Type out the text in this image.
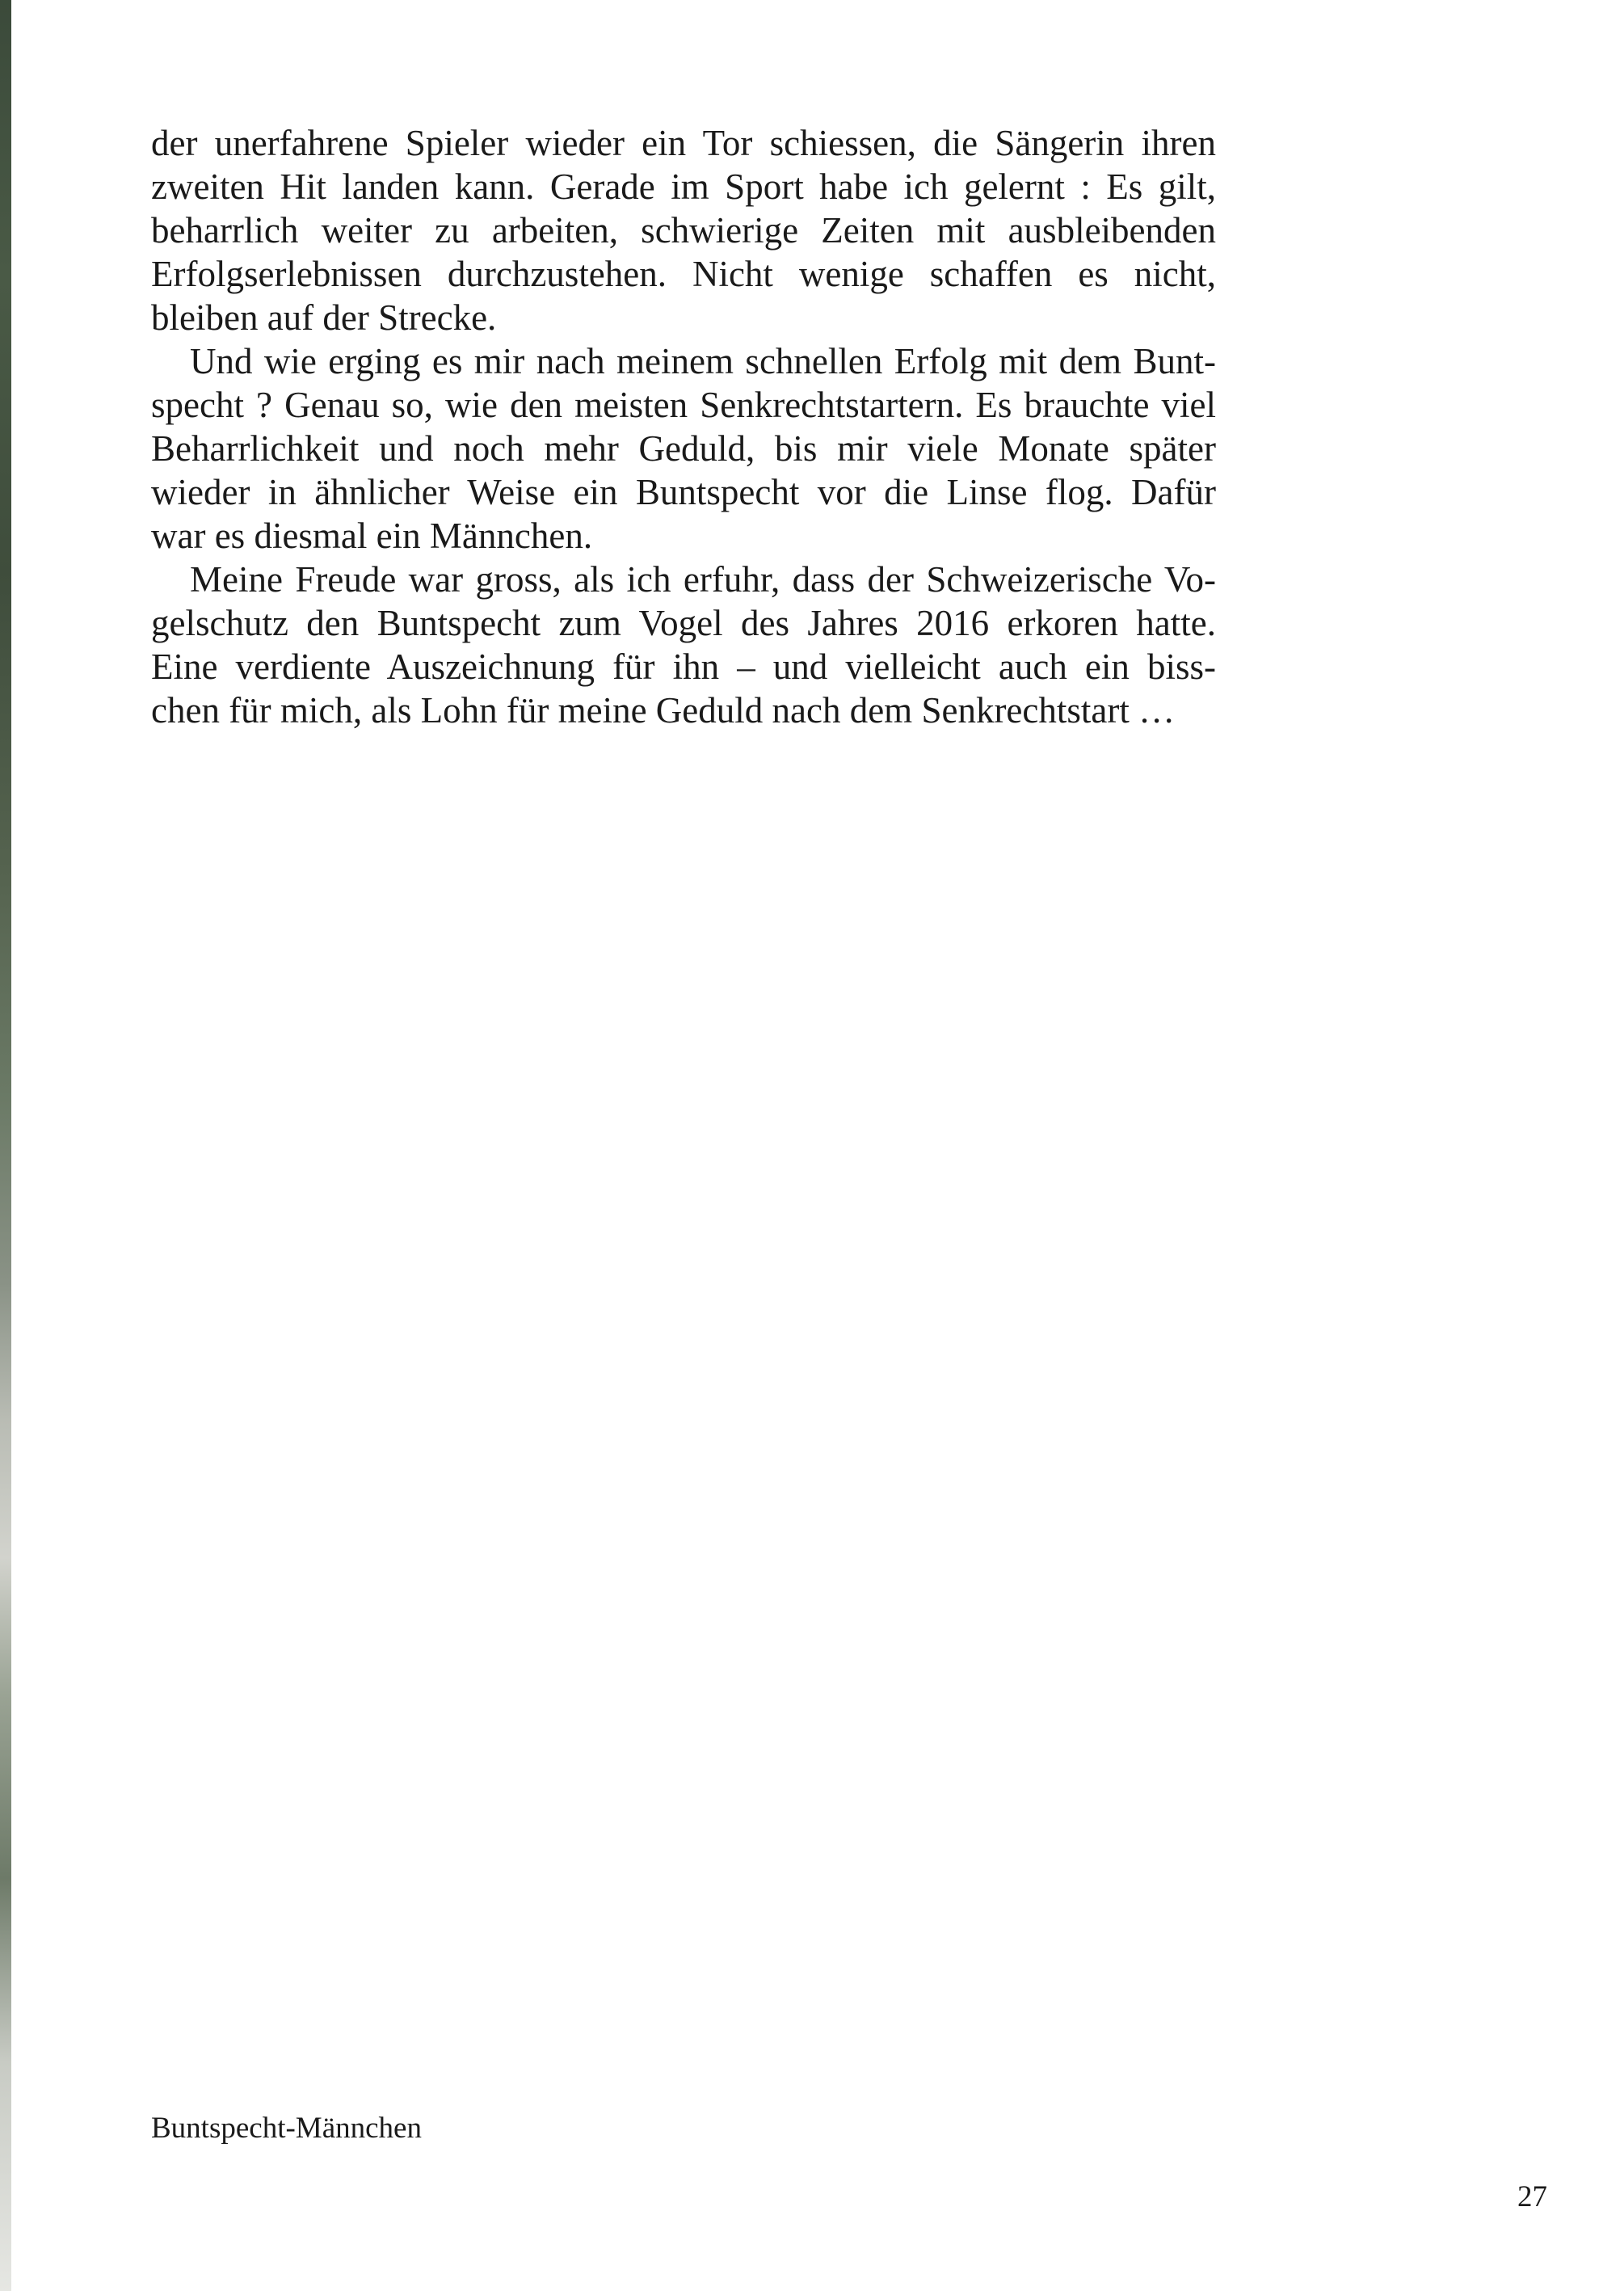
der unerfahrene Spieler wieder ein Tor schiessen, die Sängerin ihren
zweiten Hit landen kann. Gerade im Sport habe ich gelernt : Es gilt,
beharrlich weiter zu arbeiten, schwierige Zeiten mit ausbleibenden
Erfolgserlebnissen durchzustehen. Nicht wenige schaffen es nicht,
bleiben auf der Strecke.
Und wie erging es mir nach meinem schnellen Erfolg mit dem Bunt-
specht ? Genau so, wie den meisten Senkrechtstartern. Es brauchte viel
Beharrlichkeit und noch mehr Geduld, bis mir viele Monate später
wieder in ähnlicher Weise ein Buntspecht vor die Linse flog. Dafür
war es diesmal ein Männchen.
Meine Freude war gross, als ich erfuhr, dass der Schweizerische Vo-
gelschutz den Buntspecht zum Vogel des Jahres 2016 erkoren hatte.
Eine verdiente Auszeichnung für ihn – und vielleicht auch ein biss-
chen für mich, als Lohn für meine Geduld nach dem Senkrechtstart …
Buntspecht-Männchen
27
